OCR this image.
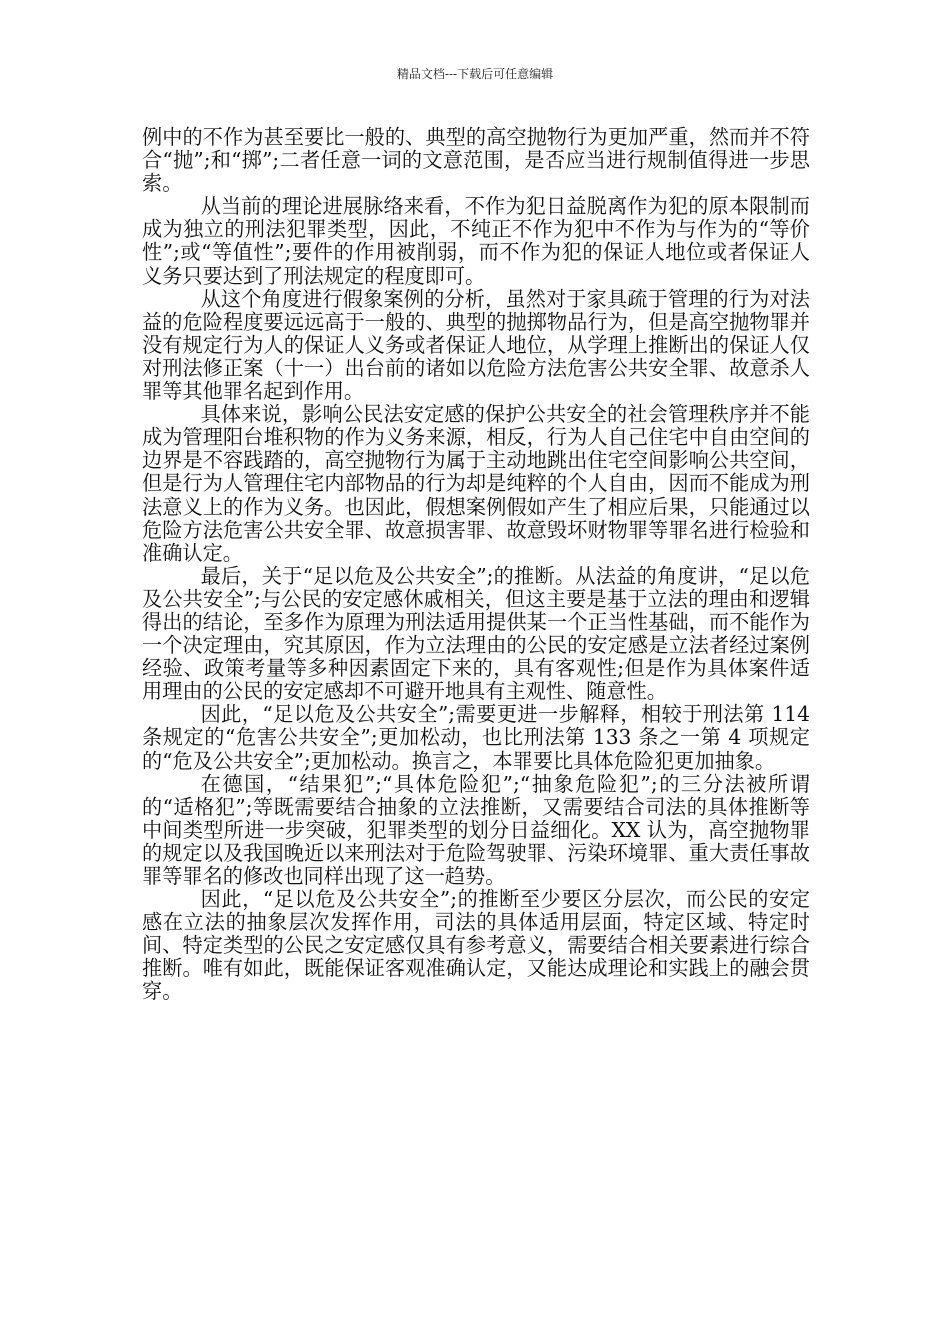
精品文档---下载后可任意编辑

例中的不作为甚至要比一般的、典型的高空抛物行为更加严重，然而并不符合“抛”;和“掷”;二者任意一词的文意范围，是否应当进行规制值得进一步思索。

从当前的理论进展脉络来看，不作为犯日益脱离作为犯的原本限制而成为独立的刑法犯罪类型，因此，不纯正不作为犯中不作为与作为的“等价性”;或“等值性”;要件的作用被削弱，而不作为犯的保证人地位或者保证人义务只要达到了刑法规定的程度即可。

从这个角度进行假象案例的分析，虽然对于家具疏于管理的行为对法益的危险程度要远远高于一般的、典型的抛掷物品行为，但是高空抛物罪并没有规定行为人的保证人义务或者保证人地位，从学理上推断出的保证人仅对刑法修正案（十一）出台前的诸如以危险方法危害公共安全罪、故意杀人罪等其他罪名起到作用。

具体来说，影响公民法安定感的保护公共安全的社会管理秩序并不能成为管理阳台堆积物的作为义务来源，相反，行为人自己住宅中自由空间的边界是不容践踏的，高空抛物行为属于主动地跳出住宅空间影响公共空间，但是行为人管理住宅内部物品的行为却是纯粹的个人自由，因而不能成为刑法意义上的作为义务。也因此，假想案例假如产生了相应后果，只能通过以危险方法危害公共安全罪、故意损害罪、故意毁坏财物罪等罪名进行检验和准确认定。

最后，关于“足以危及公共安全”;的推断。从法益的角度讲，“足以危及公共安全”;与公民的安定感休戚相关，但这主要是基于立法的理由和逻辑得出的结论，至多作为原理为刑法适用提供某一个正当性基础，而不能作为一个决定理由，究其原因，作为立法理由的公民的安定感是立法者经过案例经验、政策考量等多种因素固定下来的，具有客观性;但是作为具体案件适用理由的公民的安定感却不可避开地具有主观性、随意性。

因此，“足以危及公共安全”;需要更进一步解释，相较于刑法第 114 条规定的“危害公共安全”;更加松动，也比刑法第 133 条之一第 4 项规定的“危及公共安全”;更加松动。换言之，本罪要比具体危险犯更加抽象。

在德国，“结果犯”;“具体危险犯”;“抽象危险犯”;的三分法被所谓的“适格犯”;等既需要结合抽象的立法推断，又需要结合司法的具体推断等中间类型所进一步突破，犯罪类型的划分日益细化。XX 认为，高空抛物罪的规定以及我国晚近以来刑法对于危险驾驶罪、污染环境罪、重大责任事故罪等罪名的修改也同样出现了这一趋势。

因此，“足以危及公共安全”;的推断至少要区分层次，而公民的安定感在立法的抽象层次发挥作用，司法的具体适用层面，特定区域、特定时间、特定类型的公民之安定感仅具有参考意义，需要结合相关要素进行综合推断。唯有如此，既能保证客观准确认定，又能达成理论和实践上的融会贯穿。
